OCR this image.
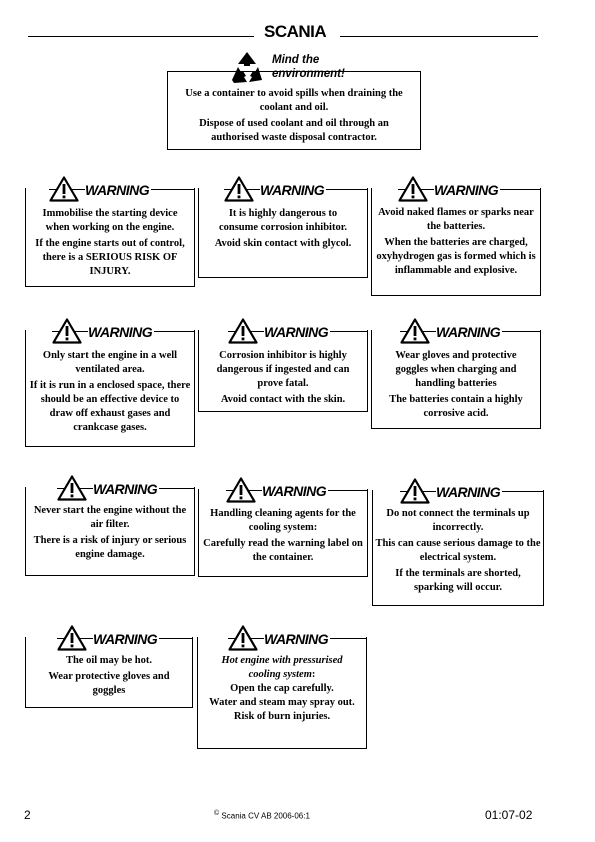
SCANIA
Mind the
environment!

Use a container to avoid spills when draining the coolant and oil.

Dispose of used coolant and oil through an authorised waste disposal contractor.

WARNING

Immobilise the starting device when working on the engine.

If the engine starts out of control, there is a SERIOUS RISK OF INJURY.

WARNING

It is highly dangerous to consume corrosion inhibitor.

Avoid skin contact with glycol.

WARNING

Avoid naked flames or sparks near the batteries.

When the batteries are charged, oxyhydrogen gas is formed which is inflammable and explosive.

WARNING

Only start the engine in a well ventilated area.

If it is run in a enclosed space, there should be an effective device to draw off exhaust gases and crankcase gases.

WARNING

Corrosion inhibitor is highly dangerous if ingested and can prove fatal.

Avoid contact with the skin.

WARNING

Wear gloves and protective goggles when charging and handling batteries

The batteries contain a highly corrosive acid.

WARNING

Never start the engine without the air filter.

There is a risk of injury or serious engine damage.

WARNING

Handling cleaning agents for the cooling system:

Carefully read the warning label on the container.

WARNING

Do not connect the terminals up incorrectly.

This can cause serious damage to the electrical system.

If the terminals are shorted, sparking will occur.

WARNING

The oil may be hot.

Wear protective gloves and goggles

WARNING

Hot engine with pressurised cooling system:

Open the cap carefully.

Water and steam may spray out.

Risk of burn injuries.

2	© Scania CV AB 2006-06:1	01:07-02
